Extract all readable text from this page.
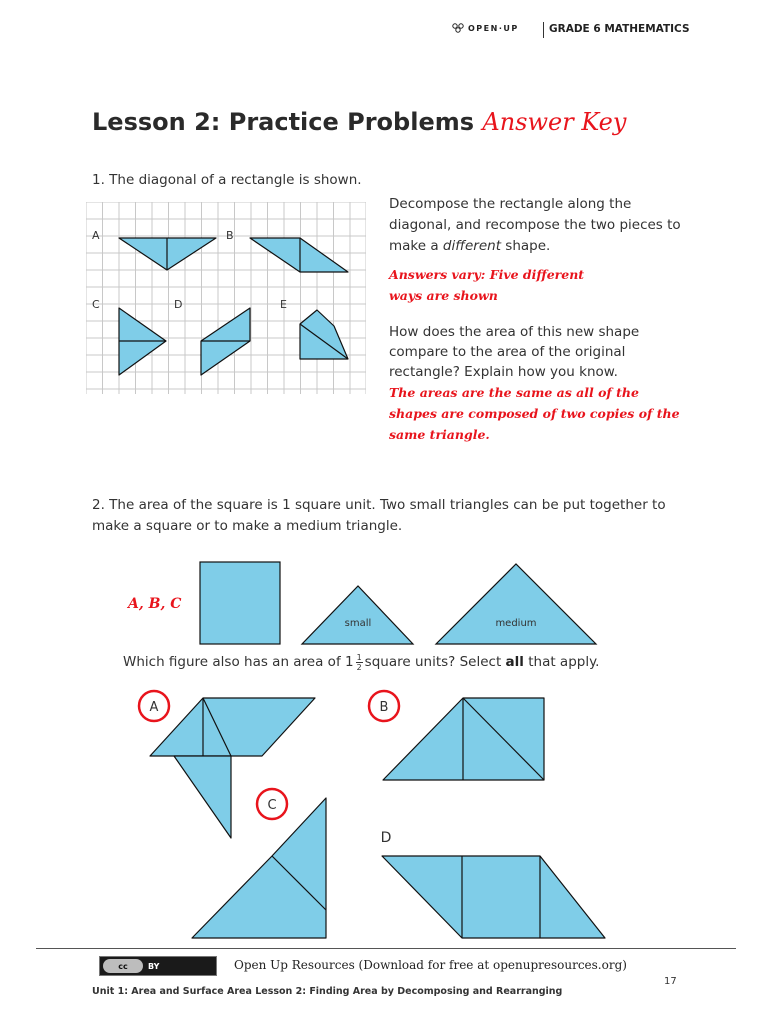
OPEN·UP	GRADE 6 MATHEMATICS
Lesson 2: Practice Problems Answer Key
1. The diagonal of a rectangle is shown.
A	B
C	D	E
Decompose the rectangle along the diagonal, and recompose the two pieces to make a different shape.
Answers vary: Five different ways are shown
How does the area of this new shape compare to the area of the original rectangle? Explain how you know.
The areas are the same as all of the shapes are composed of two copies of the same triangle.
2. The area of the square is 1 square unit. Two small triangles can be put together to make a square or to make a medium triangle.
A, B, C
small	medium
Which figure also has an area of $1 \frac{1}{2}$ square units? Select
all
that apply.
A	B
C
D
cc	BY	Open Up Resources (Download for free at openupresources.org)
17
Unit 1: Area and Surface Area Lesson 2: Finding Area by Decomposing and Rearranging
